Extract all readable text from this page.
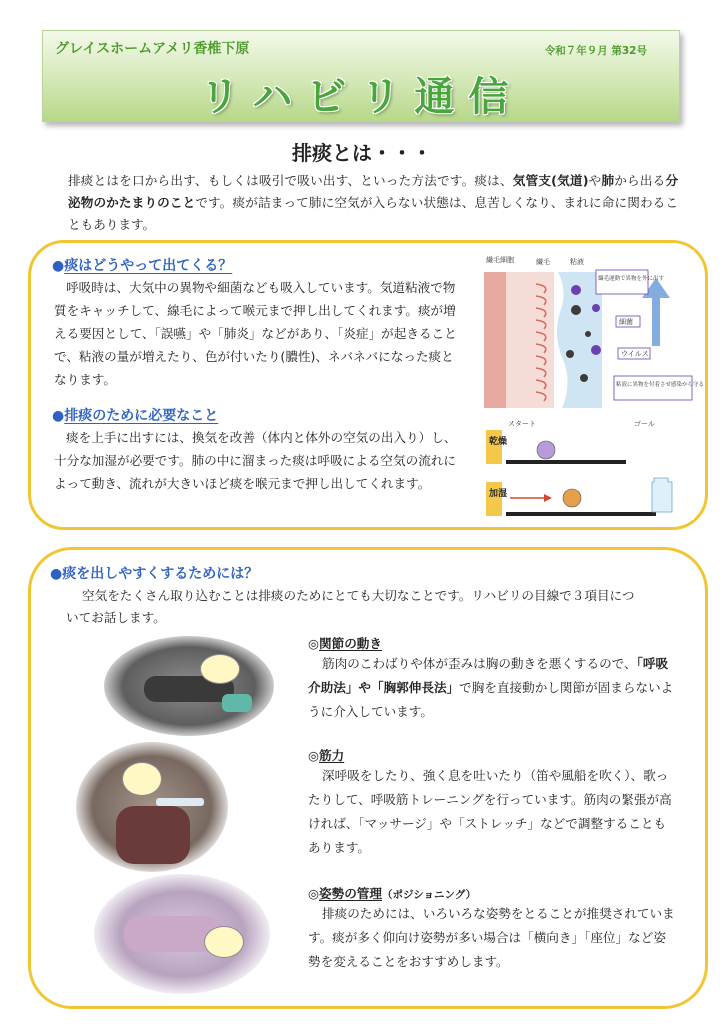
グレイスホームアメリ香椎下原	令和７年９月 第32号
リハビリ通信
排痰とは・・・
排痰とはを口から出す、もしくは吸引で吸い出す、といった方法です。痰は、気管支(気道)や肺から出る分泌物のかたまりのことです。痰が詰まって肺に空気が入らない状態は、息苦しくなり、まれに命に関わることもあります。
●痰はどうやって出てくる？
呼吸時は、大気中の異物や細菌なども吸入しています。気道粘液で物質をキャッチして、線毛によって喉元まで押し出してくれます。痰が増える要因として、「誤嚥」や「肺炎」などがあり、「炎症」が起きることで、粘液の量が増えたり、色が付いたり(膿性)、ネバネバになった痰となります。
●排痰のために必要なこと
痰を上手に出すには、換気を改善（体内と体外の空気の出入り）し、十分な加湿が必要です。肺の中に溜まった痰は呼吸による空気の流れによって動き、流れが大きいほど痰を喉元まで押し出してくれます。
繊毛細胞	繊毛	粘液
繊毛運動で異物を外に出す
細菌
ウイルス
粘液に異物を付着させ感染から守る
体外へ
スタート	ゴール
乾燥
加湿
●痰を出しやすくするためには？
空気をたくさん取り込むことは排痰のためにとても大切なことです。リハビリの目線で３項目についてお話します。
◎関節の動き
筋肉のこわばりや体が歪みは胸の動きを悪くするので、「呼吸介助法」や「胸郭伸長法」で胸を直接動かし関節が固まらないように介入しています。
◎筋力
深呼吸をしたり、強く息を吐いたり（笛や風船を吹く）、歌ったりして、呼吸筋トレーニングを行っています。筋肉の緊張が高ければ、「マッサージ」や「ストレッチ」などで調整することもあります。
◎姿勢の管理（ポジショニング）
排痰のためには、いろいろな姿勢をとることが推奨されています。痰が多く仰向け姿勢が多い場合は「横向き」「座位」など姿勢を変えることをおすすめします。
